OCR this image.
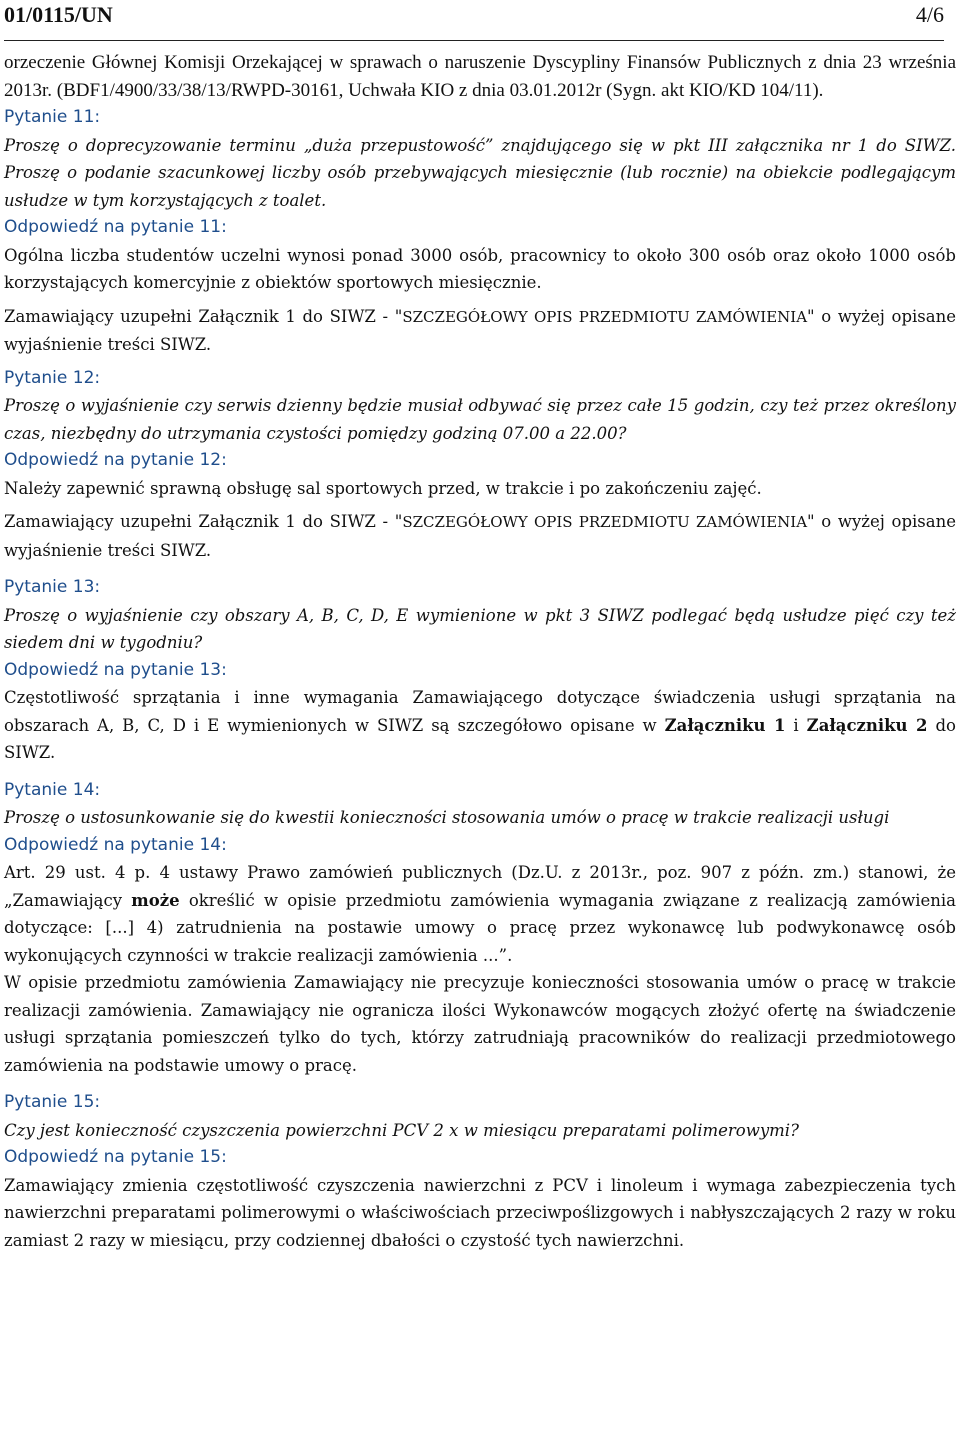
01/0115/UN	4/6

orzeczenie Głównej Komisji Orzekającej w sprawach o naruszenie Dyscypliny Finansów Publicznych z dnia 23 września 2013r. (BDF1/4900/33/38/13/RWPD-30161, Uchwała KIO z dnia 03.01.2012r (Sygn. akt KIO/KD 104/11).

Pytanie 11:

Proszę o doprecyzowanie terminu „duża przepustowość” znajdującego się w pkt III załącznika nr 1 do SIWZ. Proszę o podanie szacunkowej liczby osób przebywających miesięcznie (lub rocznie) na obiekcie podlegającym usłudze w tym korzystających z toalet.

Odpowiedź na pytanie 11:

Ogólna liczba studentów uczelni wynosi ponad 3000 osób, pracownicy to około 300 osób oraz około 1000 osób korzystających komercyjnie z obiektów sportowych miesięcznie.

Zamawiający uzupełni Załącznik 1 do SIWZ - "SZCZEGÓŁOWY OPIS PRZEDMIOTU ZAMÓWIENIA" o wyżej opisane wyjaśnienie treści SIWZ.

Pytanie 12:

Proszę o wyjaśnienie czy serwis dzienny będzie musiał odbywać się przez całe 15 godzin, czy też przez określony czas, niezbędny do utrzymania czystości pomiędzy godziną 07.00 a 22.00?

Odpowiedź na pytanie 12:

Należy zapewnić sprawną obsługę sal sportowych przed, w trakcie i po zakończeniu zajęć.

Zamawiający uzupełni Załącznik 1 do SIWZ - "SZCZEGÓŁOWY OPIS PRZEDMIOTU ZAMÓWIENIA" o wyżej opisane wyjaśnienie treści SIWZ.

Pytanie 13:

Proszę o wyjaśnienie czy obszary A, B, C, D, E wymienione w pkt 3 SIWZ podlegać będą usłudze pięć czy też siedem dni w tygodniu?

Odpowiedź na pytanie 13:

Częstotliwość sprzątania i inne wymagania Zamawiającego dotyczące świadczenia usługi sprzątania na obszarach A, B, C, D i E wymienionych w SIWZ są szczegółowo opisane w Załączniku 1 i Załączniku 2 do SIWZ.

Pytanie 14:

Proszę o ustosunkowanie się do kwestii konieczności stosowania umów o pracę w trakcie realizacji usługi

Odpowiedź na pytanie 14:

Art. 29 ust. 4 p. 4 ustawy Prawo zamówień publicznych (Dz.U. z 2013r., poz. 907 z późn. zm.) stanowi, że „Zamawiający może określić w opisie przedmiotu zamówienia wymagania związane z realizacją zamówienia dotyczące: [...] 4) zatrudnienia na postawie umowy o pracę przez wykonawcę lub podwykonawcę osób wykonujących czynności w trakcie realizacji zamówienia ...”.

W opisie przedmiotu zamówienia Zamawiający nie precyzuje konieczności stosowania umów o pracę w trakcie realizacji zamówienia. Zamawiający nie ogranicza ilości Wykonawców mogących złożyć ofertę na świadczenie usługi sprzątania pomieszczeń tylko do tych, którzy zatrudniają pracowników do realizacji przedmiotowego zamówienia na podstawie umowy o pracę.

Pytanie 15:

Czy jest konieczność czyszczenia powierzchni PCV 2 x w miesiącu preparatami polimerowymi?

Odpowiedź na pytanie 15:

Zamawiający zmienia częstotliwość czyszczenia nawierzchni z PCV i linoleum i wymaga zabezpieczenia tych nawierzchni preparatami polimerowymi o właściwościach przeciwpoślizgowych i nabłyszczających 2 razy w roku zamiast 2 razy w miesiącu, przy codziennej dbałości o czystość tych nawierzchni.
